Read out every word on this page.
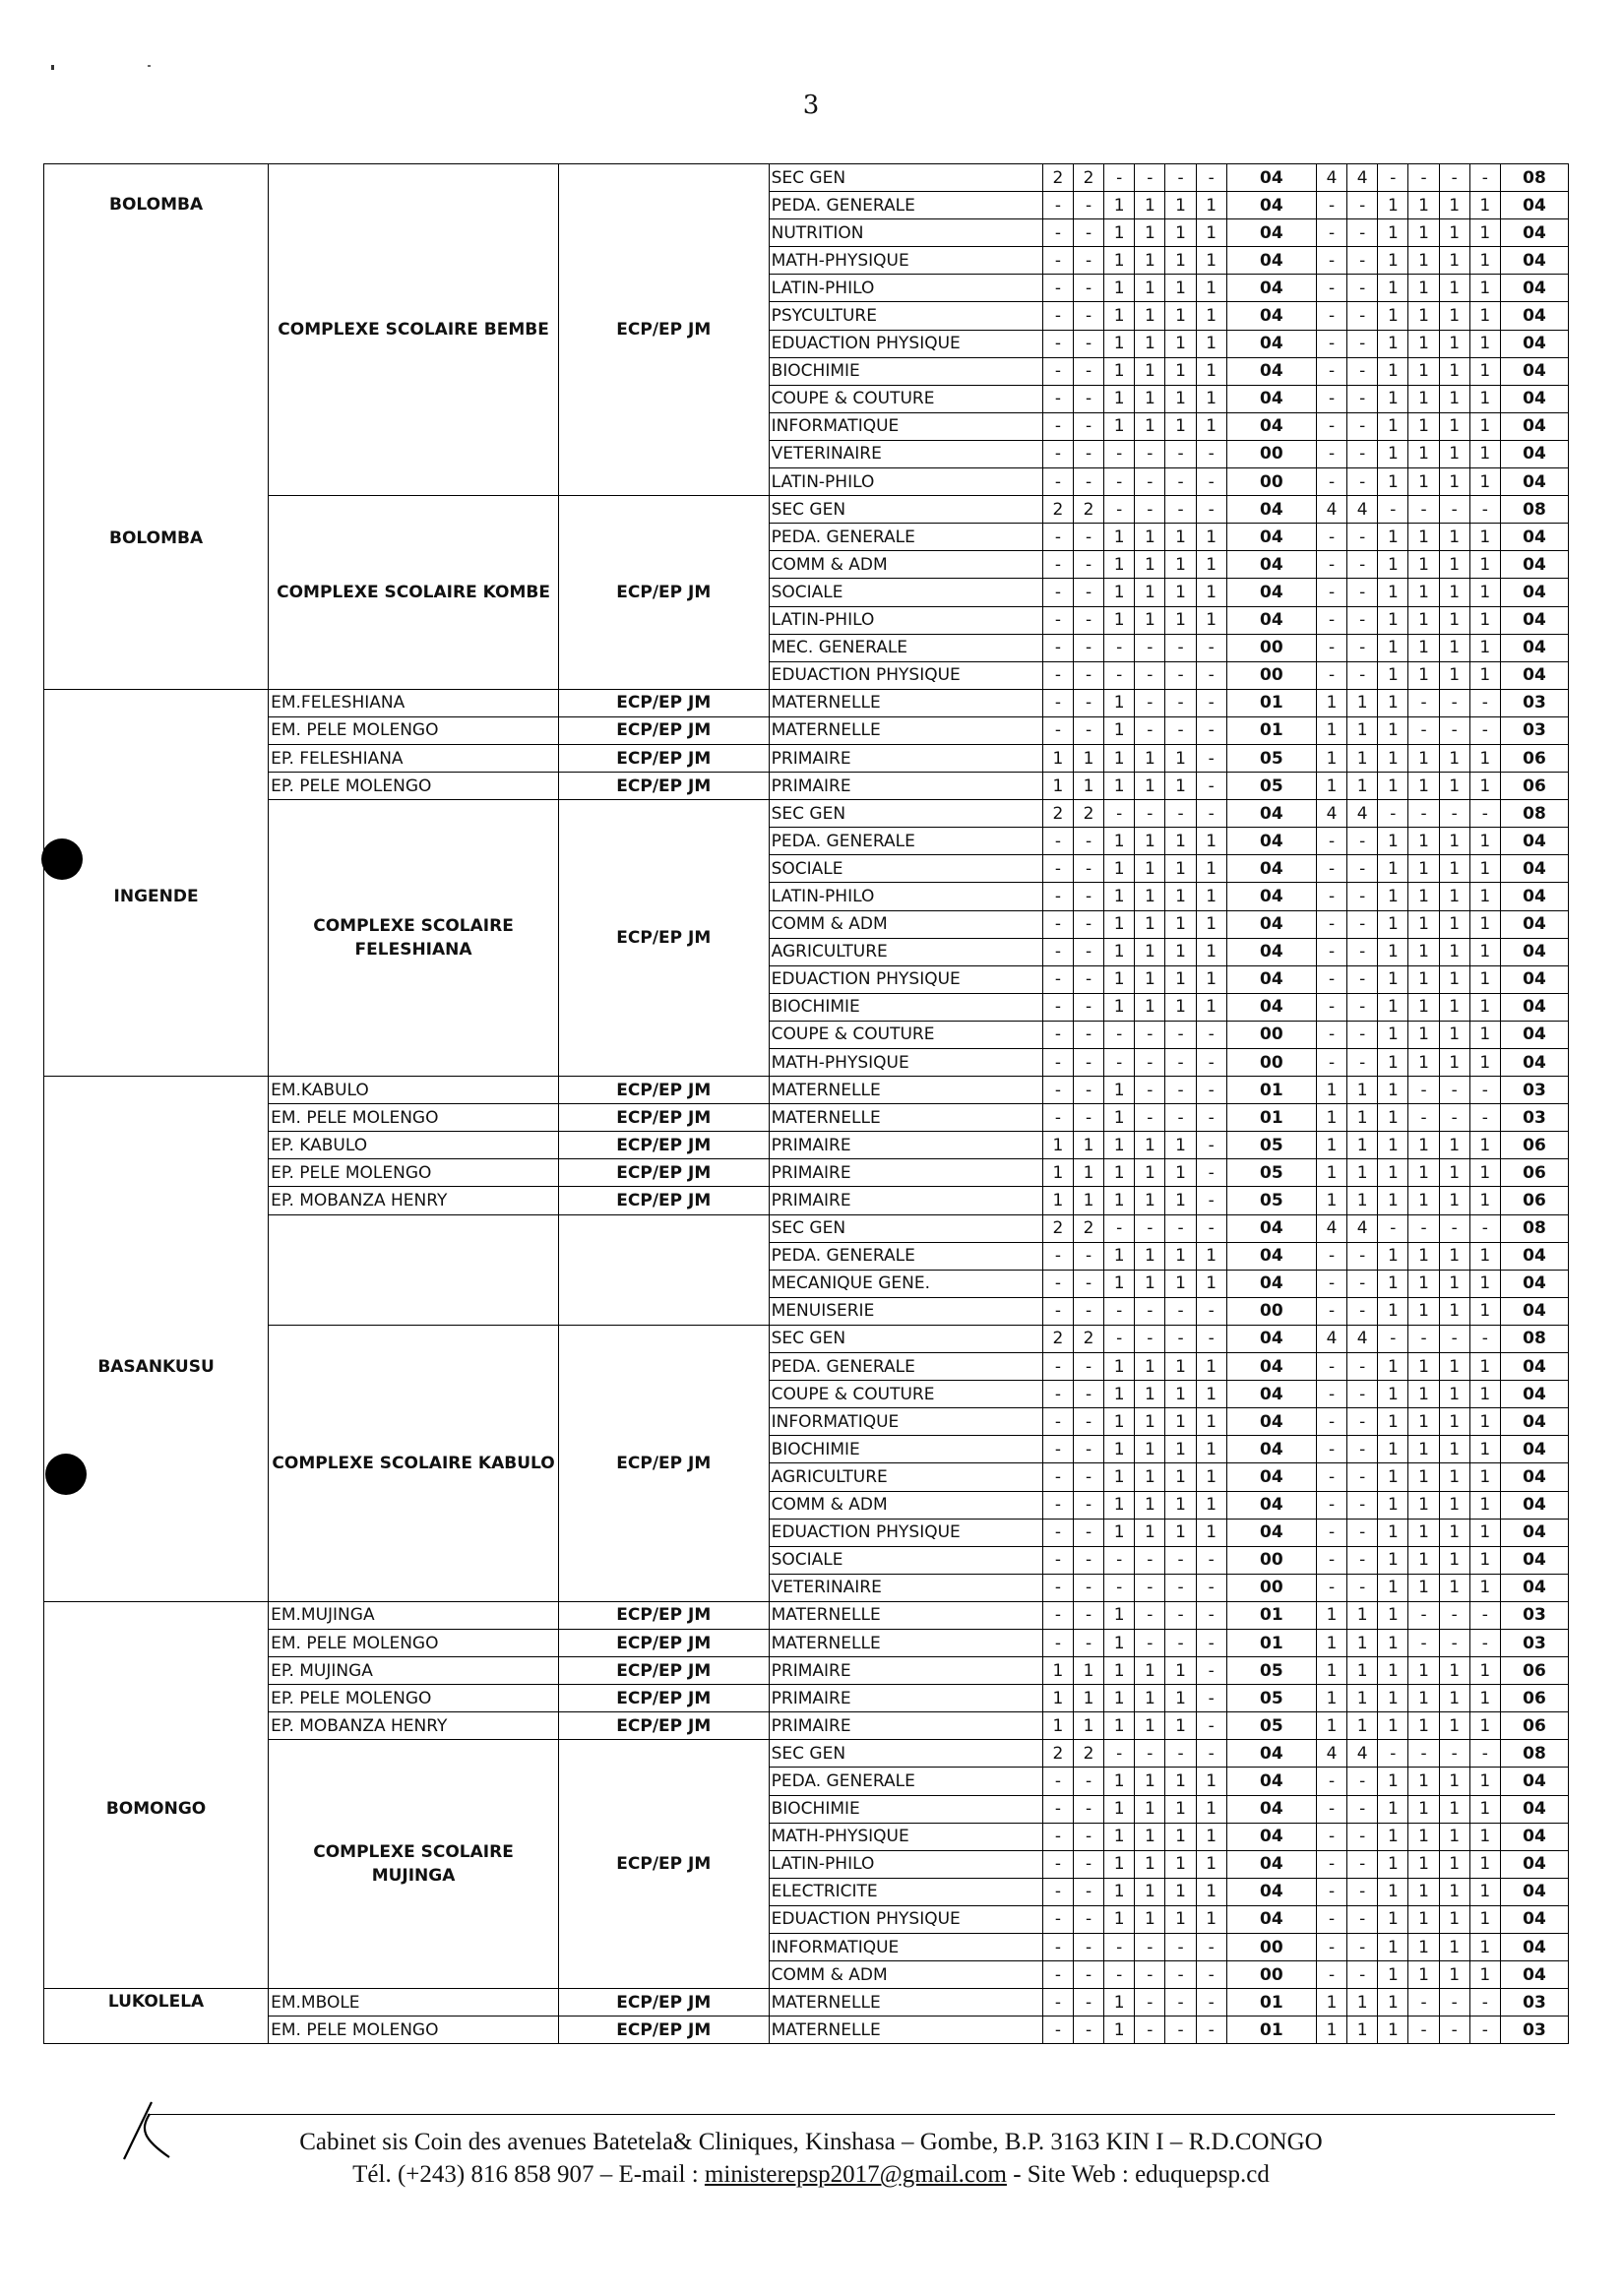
3
BOLOMBA
BOLOMBA	COMPLEXE SCOLAIRE BEMBE	ECP/EP JM	SEC GEN	2	2	-	-	-	-	04	4	4	-	-	-	-	08
			PEDA. GENERALE	-	-	1	1	1	1	04	-	-	1	1	1	1	04
			NUTRITION	-	-	1	1	1	1	04	-	-	1	1	1	1	04
			MATH-PHYSIQUE	-	-	1	1	1	1	04	-	-	1	1	1	1	04
			LATIN-PHILO	-	-	1	1	1	1	04	-	-	1	1	1	1	04
			PSYCULTURE	-	-	1	1	1	1	04	-	-	1	1	1	1	04
			EDUACTION PHYSIQUE	-	-	1	1	1	1	04	-	-	1	1	1	1	04
			BIOCHIMIE	-	-	1	1	1	1	04	-	-	1	1	1	1	04
			COUPE & COUTURE	-	-	1	1	1	1	04	-	-	1	1	1	1	04
			INFORMATIQUE	-	-	1	1	1	1	04	-	-	1	1	1	1	04
			VETERINAIRE	-	-	-	-	-	-	00	-	-	1	1	1	1	04
			LATIN-PHILO	-	-	-	-	-	-	00	-	-	1	1	1	1	04
	COMPLEXE SCOLAIRE KOMBE	ECP/EP JM	SEC GEN	2	2	-	-	-	-	04	4	4	-	-	-	-	08
			PEDA. GENERALE	-	-	1	1	1	1	04	-	-	1	1	1	1	04
			COMM & ADM	-	-	1	1	1	1	04	-	-	1	1	1	1	04
			SOCIALE	-	-	1	1	1	1	04	-	-	1	1	1	1	04
			LATIN-PHILO	-	-	1	1	1	1	04	-	-	1	1	1	1	04
			MEC. GENERALE	-	-	-	-	-	-	00	-	-	1	1	1	1	04
			EDUACTION PHYSIQUE	-	-	-	-	-	-	00	-	-	1	1	1	1	04

INGENDE	EM.FELESHIANA	ECP/EP JM	MATERNELLE	-	-	1	-	-	-	01	1	1	1	-	-	-	03
	EM. PELE MOLENGO	ECP/EP JM	MATERNELLE	-	-	1	-	-	-	01	1	1	1	-	-	-	03
	EP. FELESHIANA	ECP/EP JM	PRIMAIRE	1	1	1	1	1	-	05	1	1	1	1	1	1	06
	EP. PELE MOLENGO	ECP/EP JM	PRIMAIRE	1	1	1	1	1	-	05	1	1	1	1	1	1	06
	COMPLEXE SCOLAIRE FELESHIANA	ECP/EP JM	SEC GEN	2	2	-	-	-	-	04	4	4	-	-	-	-	08
			PEDA. GENERALE	-	-	1	1	1	1	04	-	-	1	1	1	1	04
			SOCIALE	-	-	1	1	1	1	04	-	-	1	1	1	1	04
			LATIN-PHILO	-	-	1	1	1	1	04	-	-	1	1	1	1	04
			COMM & ADM	-	-	1	1	1	1	04	-	-	1	1	1	1	04
			AGRICULTURE	-	-	1	1	1	1	04	-	-	1	1	1	1	04
			EDUACTION PHYSIQUE	-	-	1	1	1	1	04	-	-	1	1	1	1	04
			BIOCHIMIE	-	-	1	1	1	1	04	-	-	1	1	1	1	04
			COUPE & COUTURE	-	-	-	-	-	-	00	-	-	1	1	1	1	04
			MATH-PHYSIQUE	-	-	-	-	-	-	00	-	-	1	1	1	1	04

BASANKUSU	EM.KABULO	ECP/EP JM	MATERNELLE	-	-	1	-	-	-	01	1	1	1	-	-	-	03
	EM. PELE MOLENGO	ECP/EP JM	MATERNELLE	-	-	1	-	-	-	01	1	1	1	-	-	-	03
	EP. KABULO	ECP/EP JM	PRIMAIRE	1	1	1	1	1	-	05	1	1	1	1	1	1	06
	EP. PELE MOLENGO	ECP/EP JM	PRIMAIRE	1	1	1	1	1	-	05	1	1	1	1	1	1	06
	EP. MOBANZA HENRY	ECP/EP JM	PRIMAIRE	1	1	1	1	1	-	05	1	1	1	1	1	1	06
			SEC GEN	2	2	-	-	-	-	04	4	4	-	-	-	-	08
			PEDA. GENERALE	-	-	1	1	1	1	04	-	-	1	1	1	1	04
			MECANIQUE GENE.	-	-	1	1	1	1	04	-	-	1	1	1	1	04
			MENUISERIE	-	-	-	-	-	-	00	-	-	1	1	1	1	04
	COMPLEXE SCOLAIRE KABULO	ECP/EP JM	SEC GEN	2	2	-	-	-	-	04	4	4	-	-	-	-	08
			PEDA. GENERALE	-	-	1	1	1	1	04	-	-	1	1	1	1	04
			COUPE & COUTURE	-	-	1	1	1	1	04	-	-	1	1	1	1	04
			INFORMATIQUE	-	-	1	1	1	1	04	-	-	1	1	1	1	04
			BIOCHIMIE	-	-	1	1	1	1	04	-	-	1	1	1	1	04
			AGRICULTURE	-	-	1	1	1	1	04	-	-	1	1	1	1	04
			COMM & ADM	-	-	1	1	1	1	04	-	-	1	1	1	1	04
			EDUACTION PHYSIQUE	-	-	1	1	1	1	04	-	-	1	1	1	1	04
			SOCIALE	-	-	-	-	-	-	00	-	-	1	1	1	1	04
			VETERINAIRE	-	-	-	-	-	-	00	-	-	1	1	1	1	04

BOMONGO	EM.MUJINGA	ECP/EP JM	MATERNELLE	-	-	1	-	-	-	01	1	1	1	-	-	-	03
	EM. PELE MOLENGO	ECP/EP JM	MATERNELLE	-	-	1	-	-	-	01	1	1	1	-	-	-	03
	EP. MUJINGA	ECP/EP JM	PRIMAIRE	1	1	1	1	1	-	05	1	1	1	1	1	1	06
	EP. PELE MOLENGO	ECP/EP JM	PRIMAIRE	1	1	1	1	1	-	05	1	1	1	1	1	1	06
	EP. MOBANZA HENRY	ECP/EP JM	PRIMAIRE	1	1	1	1	1	-	05	1	1	1	1	1	1	06
	COMPLEXE SCOLAIRE MUJINGA	ECP/EP JM	SEC GEN	2	2	-	-	-	-	04	4	4	-	-	-	-	08
			PEDA. GENERALE	-	-	1	1	1	1	04	-	-	1	1	1	1	04
			BIOCHIMIE	-	-	1	1	1	1	04	-	-	1	1	1	1	04
			MATH-PHYSIQUE	-	-	1	1	1	1	04	-	-	1	1	1	1	04
			LATIN-PHILO	-	-	1	1	1	1	04	-	-	1	1	1	1	04
			ELECTRICITE	-	-	1	1	1	1	04	-	-	1	1	1	1	04
			EDUACTION PHYSIQUE	-	-	1	1	1	1	04	-	-	1	1	1	1	04
			INFORMATIQUE	-	-	-	-	-	-	00	-	-	1	1	1	1	04
			COMM & ADM	-	-	-	-	-	-	00	-	-	1	1	1	1	04

LUKOLELA	EM.MBOLE	ECP/EP JM	MATERNELLE	-	-	1	-	-	-	01	1	1	1	-	-	-	03
	EM. PELE MOLENGO	ECP/EP JM	MATERNELLE	-	-	1	-	-	-	01	1	1	1	-	-	-	03
Cabinet sis Coin des avenues Batetela& Cliniques, Kinshasa – Gombe, B.P. 3163 KIN I – R.D.CONGO
Tél. (+243) 816 858 907 – E-mail : ministerepsp2017@gmail.com - Site Web : eduquepsp.cd
